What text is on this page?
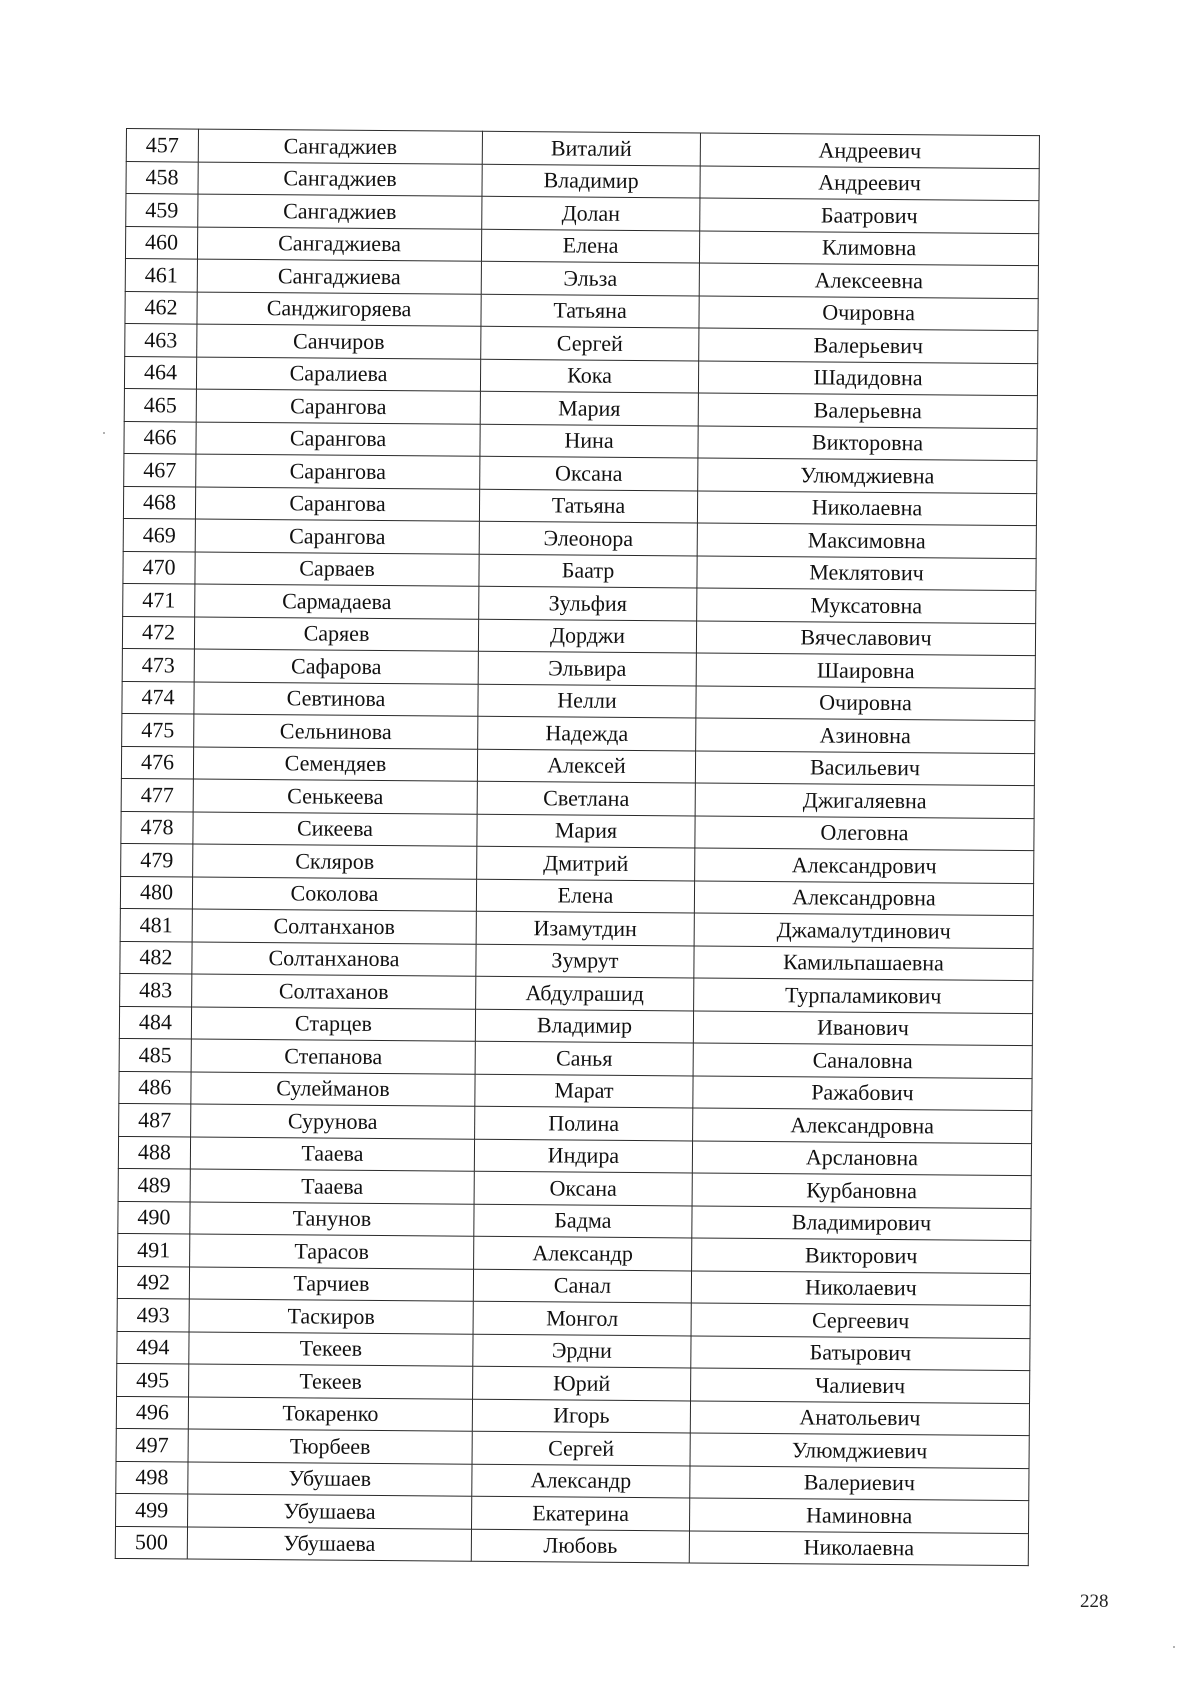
457	Сангаджиев	Виталий	Андреевич
458	Сангаджиев	Владимир	Андреевич
459	Сангаджиев	Долан	Баатрович
460	Сангаджиева	Елена	Климовна
461	Сангаджиева	Эльза	Алексеевна
462	Санджигоряева	Татьяна	Очировна
463	Санчиров	Сергей	Валерьевич
464	Саралиева	Кока	Шадидовна
465	Сарангова	Мария	Валерьевна
466	Сарангова	Нина	Викторовна
467	Сарангова	Оксана	Улюмджиевна
468	Сарангова	Татьяна	Николаевна
469	Сарангова	Элеонора	Максимовна
470	Сарваев	Баатр	Меклятович
471	Сармадаева	Зульфия	Муксатовна
472	Саряев	Дорджи	Вячеславович
473	Сафарова	Эльвира	Шаировна
474	Севтинова	Нелли	Очировна
475	Сельнинова	Надежда	Азиновна
476	Семендяев	Алексей	Васильевич
477	Сенькеева	Светлана	Джигаляевна
478	Сикеева	Мария	Олеговна
479	Скляров	Дмитрий	Александрович
480	Соколова	Елена	Александровна
481	Солтанханов	Изамутдин	Джамалутдинович
482	Солтанханова	Зумрут	Камильпашаевна
483	Солтаханов	Абдулрашид	Турпаламикович
484	Старцев	Владимир	Иванович
485	Степанова	Санья	Саналовна
486	Сулейманов	Марат	Ражабович
487	Сурунова	Полина	Александровна
488	Тааева	Индира	Арслановна
489	Тааева	Оксана	Курбановна
490	Танунов	Бадма	Владимирович
491	Тарасов	Александр	Викторович
492	Тарчиев	Санал	Николаевич
493	Таскиров	Монгол	Сергеевич
494	Текеев	Эрдни	Батырович
495	Текеев	Юрий	Чалиевич
496	Токаренко	Игорь	Анатольевич
497	Тюрбеев	Сергей	Улюмджиевич
498	Убушаев	Александр	Валериевич
499	Убушаева	Екатерина	Наминовна
500	Убушаева	Любовь	Николаевна
228
